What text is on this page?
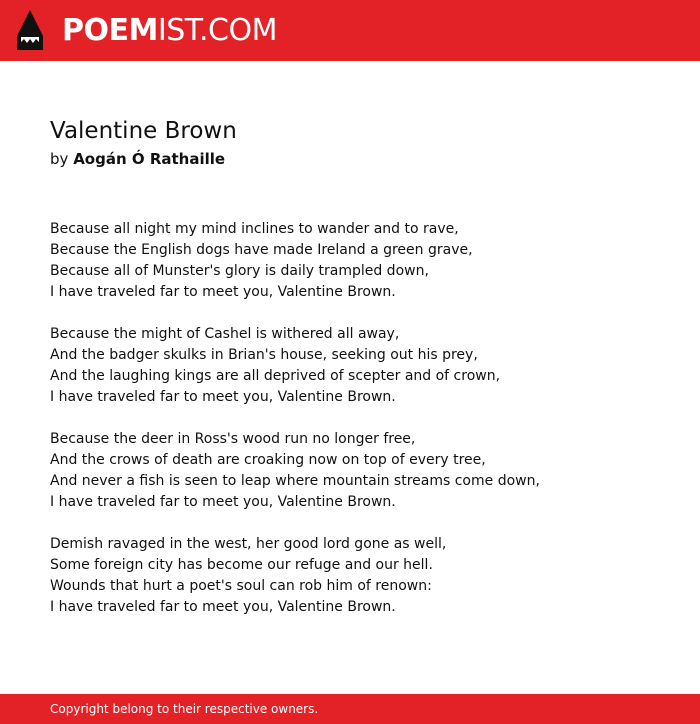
POEMIST.COM
Valentine Brown
by Aogán Ó Rathaille
Because all night my mind inclines to wander and to rave,
Because the English dogs have made Ireland a green grave,
Because all of Munster's glory is daily trampled down,
I have traveled far to meet you, Valentine Brown.
Because the might of Cashel is withered all away,
And the badger skulks in Brian's house, seeking out his prey,
And the laughing kings are all deprived of scepter and of crown,
I have traveled far to meet you, Valentine Brown.
Because the deer in Ross's wood run no longer free,
And the crows of death are croaking now on top of every tree,
And never a fish is seen to leap where mountain streams come down,
I have traveled far to meet you, Valentine Brown.
Demish ravaged in the west, her good lord gone as well,
Some foreign city has become our refuge and our hell.
Wounds that hurt a poet's soul can rob him of renown:
I have traveled far to meet you, Valentine Brown.
Copyright belong to their respective owners.
